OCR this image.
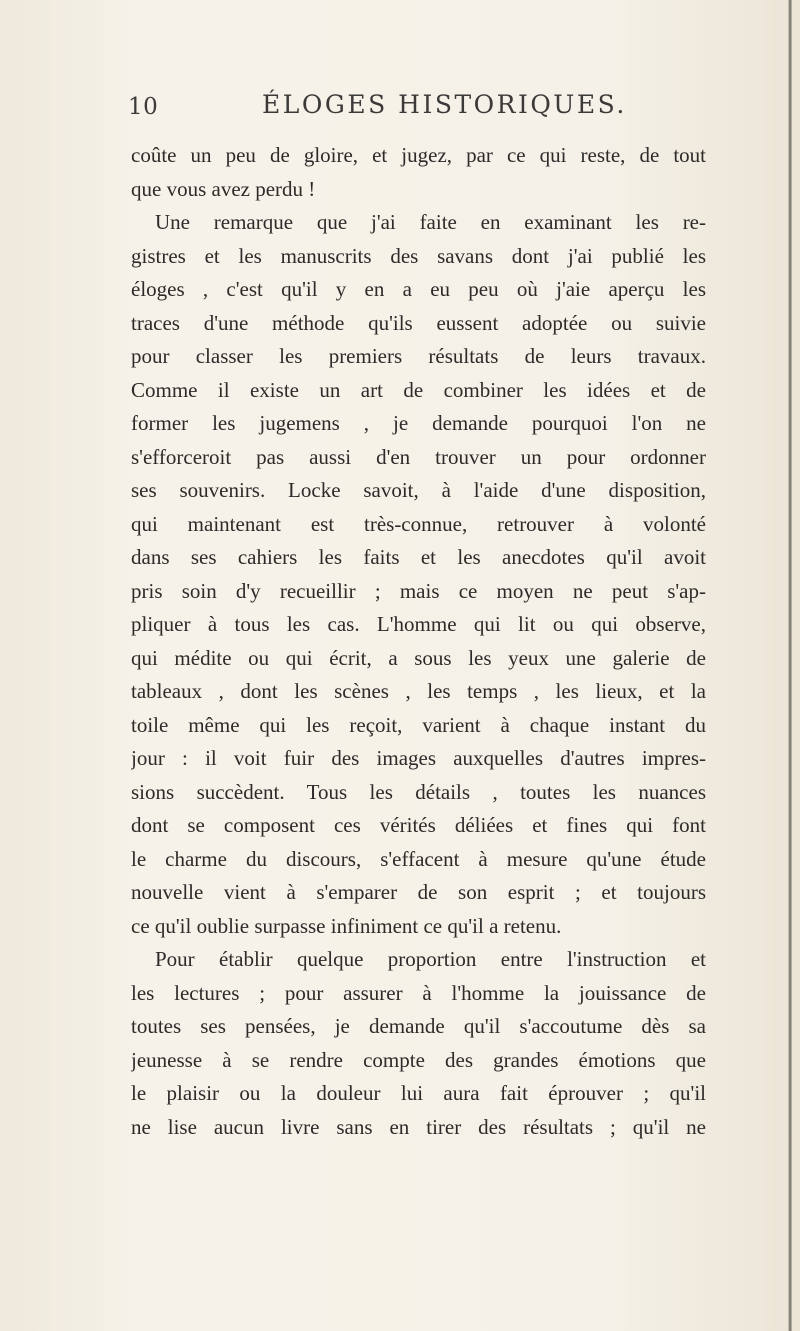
10	ÉLOGES HISTORIQUES.
coûte un peu de gloire, et jugez, par ce qui reste, de tout
que vous avez perdu !
Une remarque que j'ai faite en examinant les re-
gistres et les manuscrits des savans dont j'ai publié les
éloges , c'est qu'il y en a eu peu où j'aie aperçu les
traces d'une méthode qu'ils eussent adoptée ou suivie
pour classer les premiers résultats de leurs travaux.
Comme il existe un art de combiner les idées et de
former les jugemens , je demande pourquoi l'on ne
s'efforceroit pas aussi d'en trouver un pour ordonner
ses souvenirs. Locke savoit, à l'aide d'une disposition,
qui maintenant est très-connue, retrouver à volonté
dans ses cahiers les faits et les anecdotes qu'il avoit
pris soin d'y recueillir ; mais ce moyen ne peut s'ap-
pliquer à tous les cas. L'homme qui lit ou qui observe,
qui médite ou qui écrit, a sous les yeux une galerie de
tableaux , dont les scènes , les temps , les lieux, et la
toile même qui les reçoit, varient à chaque instant du
jour : il voit fuir des images auxquelles d'autres impres-
sions succèdent. Tous les détails , toutes les nuances
dont se composent ces vérités déliées et fines qui font
le charme du discours, s'effacent à mesure qu'une étude
nouvelle vient à s'emparer de son esprit ; et toujours
ce qu'il oublie surpasse infiniment ce qu'il a retenu.
Pour établir quelque proportion entre l'instruction et
les lectures ; pour assurer à l'homme la jouissance de
toutes ses pensées, je demande qu'il s'accoutume dès sa
jeunesse à se rendre compte des grandes émotions que
le plaisir ou la douleur lui aura fait éprouver ; qu'il
ne lise aucun livre sans en tirer des résultats ; qu'il ne
